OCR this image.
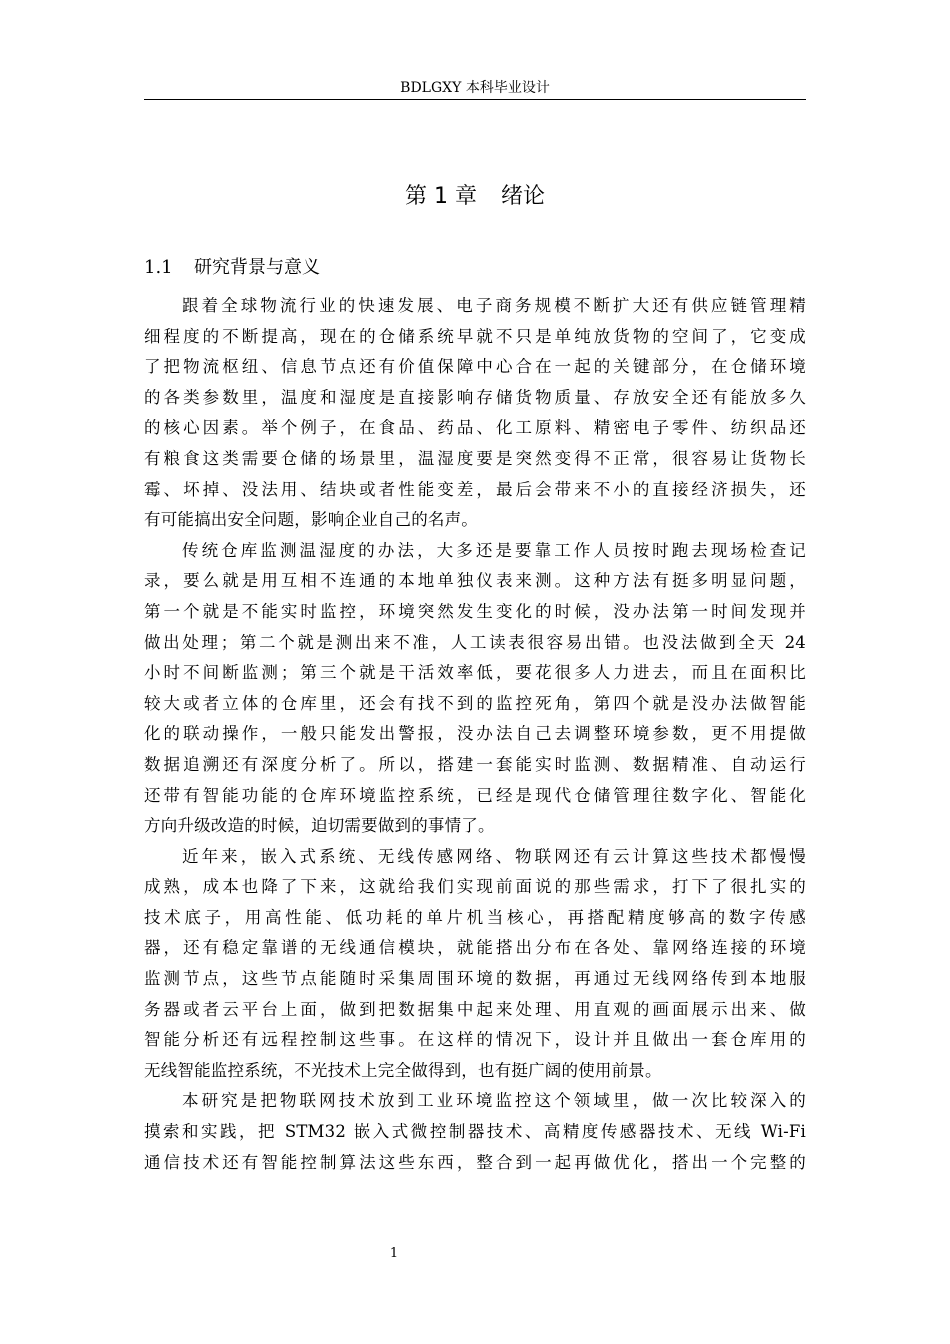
BDLGXY 本科毕业设计
第 1 章 绪论
1.1 研究背景与意义
跟着全球物流行业的快速发展、电子商务规模不断扩大还有供应链管理精
细程度的不断提高，现在的仓储系统早就不只是单纯放货物的空间了，它变成
了把物流枢纽、信息节点还有价值保障中心合在一起的关键部分，在仓储环境
的各类参数里，温度和湿度是直接影响存储货物质量、存放安全还有能放多久
的核心因素。举个例子，在食品、药品、化工原料、精密电子零件、纺织品还
有粮食这类需要仓储的场景里，温湿度要是突然变得不正常，很容易让货物长
霉、坏掉、没法用、结块或者性能变差，最后会带来不小的直接经济损失，还
有可能搞出安全问题，影响企业自己的名声。
传统仓库监测温湿度的办法，大多还是要靠工作人员按时跑去现场检查记
录，要么就是用互相不连通的本地单独仪表来测。这种方法有挺多明显问题，
第一个就是不能实时监控，环境突然发生变化的时候，没办法第一时间发现并
做出处理；第二个就是测出来不准，人工读表很容易出错。也没法做到全天 24
小时不间断监测；第三个就是干活效率低，要花很多人力进去，而且在面积比
较大或者立体的仓库里，还会有找不到的监控死角，第四个就是没办法做智能
化的联动操作，一般只能发出警报，没办法自己去调整环境参数，更不用提做
数据追溯还有深度分析了。所以，搭建一套能实时监测、数据精准、自动运行
还带有智能功能的仓库环境监控系统，已经是现代仓储管理往数字化、智能化
方向升级改造的时候，迫切需要做到的事情了。
近年来，嵌入式系统、无线传感网络、物联网还有云计算这些技术都慢慢
成熟，成本也降了下来，这就给我们实现前面说的那些需求，打下了很扎实的
技术底子，用高性能、低功耗的单片机当核心，再搭配精度够高的数字传感
器，还有稳定靠谱的无线通信模块，就能搭出分布在各处、靠网络连接的环境
监测节点，这些节点能随时采集周围环境的数据，再通过无线网络传到本地服
务器或者云平台上面，做到把数据集中起来处理、用直观的画面展示出来、做
智能分析还有远程控制这些事。在这样的情况下，设计并且做出一套仓库用的
无线智能监控系统，不光技术上完全做得到，也有挺广阔的使用前景。
本研究是把物联网技术放到工业环境监控这个领域里，做一次比较深入的
摸索和实践，把 STM32 嵌入式微控制器技术、高精度传感器技术、无线 Wi-Fi
通信技术还有智能控制算法这些东西，整合到一起再做优化，搭出一个完整的
1
